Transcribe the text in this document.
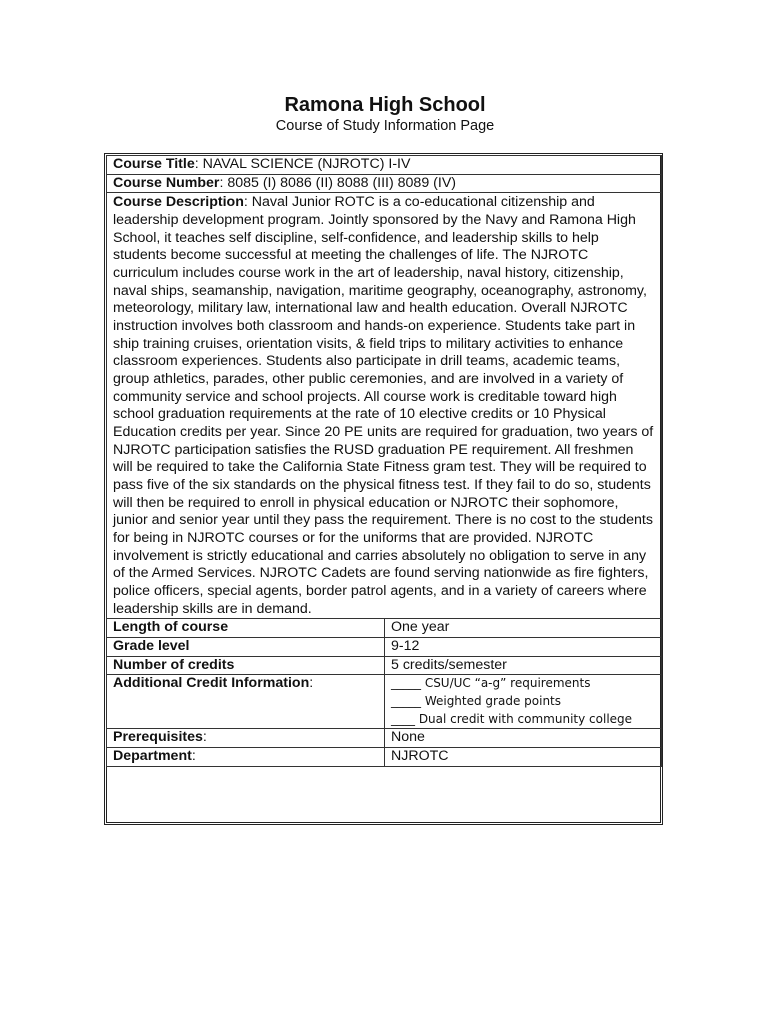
Ramona High School
Course of Study Information Page
Course Title: NAVAL SCIENCE (NJROTC) I-IV	
Course Number: 8085 (I) 8086 (II) 8088 (III) 8089 (IV)	
Course Description: Naval Junior ROTC is a co-educational citizenship and leadership development program. Jointly sponsored by the Navy and Ramona High School, it teaches self discipline, self-confidence, and leadership skills to help students become successful at meeting the challenges of life. The NJROTC curriculum includes course work in the art of leadership, naval history, citizenship, naval ships, seamanship, navigation, maritime geography, oceanography, astronomy, meteorology, military law, international law and health education. Overall NJROTC instruction involves both classroom and hands-on experience. Students take part in ship training cruises, orientation visits, & field trips to military activities to enhance classroom experiences. Students also participate in drill teams, academic teams, group athletics, parades, other public ceremonies, and are involved in a variety of community service and school projects. All course work is creditable toward high school graduation requirements at the rate of 10 elective credits or 10 Physical Education credits per year. Since 20 PE units are required for graduation, two years of NJROTC participation satisfies the RUSD graduation PE requirement. All freshmen will be required to take the California State Fitness gram test. They will be required to pass five of the six standards on the physical fitness test. If they fail to do so, students will then be required to enroll in physical education or NJROTC their sophomore, junior and senior year until they pass the requirement. There is no cost to the students for being in NJROTC courses or for the uniforms that are provided. NJROTC involvement is strictly educational and carries absolutely no obligation to serve in any of the Armed Services. NJROTC Cadets are found serving nationwide as fire fighters, police officers, special agents, border patrol agents, and in a variety of careers where leadership skills are in demand.	
Length of course	One year
Grade level	9-12
Number of credits	5 credits/semester
Additional Credit Information:	_____ CSU/UC “a-g” requirements
_____ Weighted grade points
____ Dual credit with community college

Prerequisites:	None
Department:	NJROTC
